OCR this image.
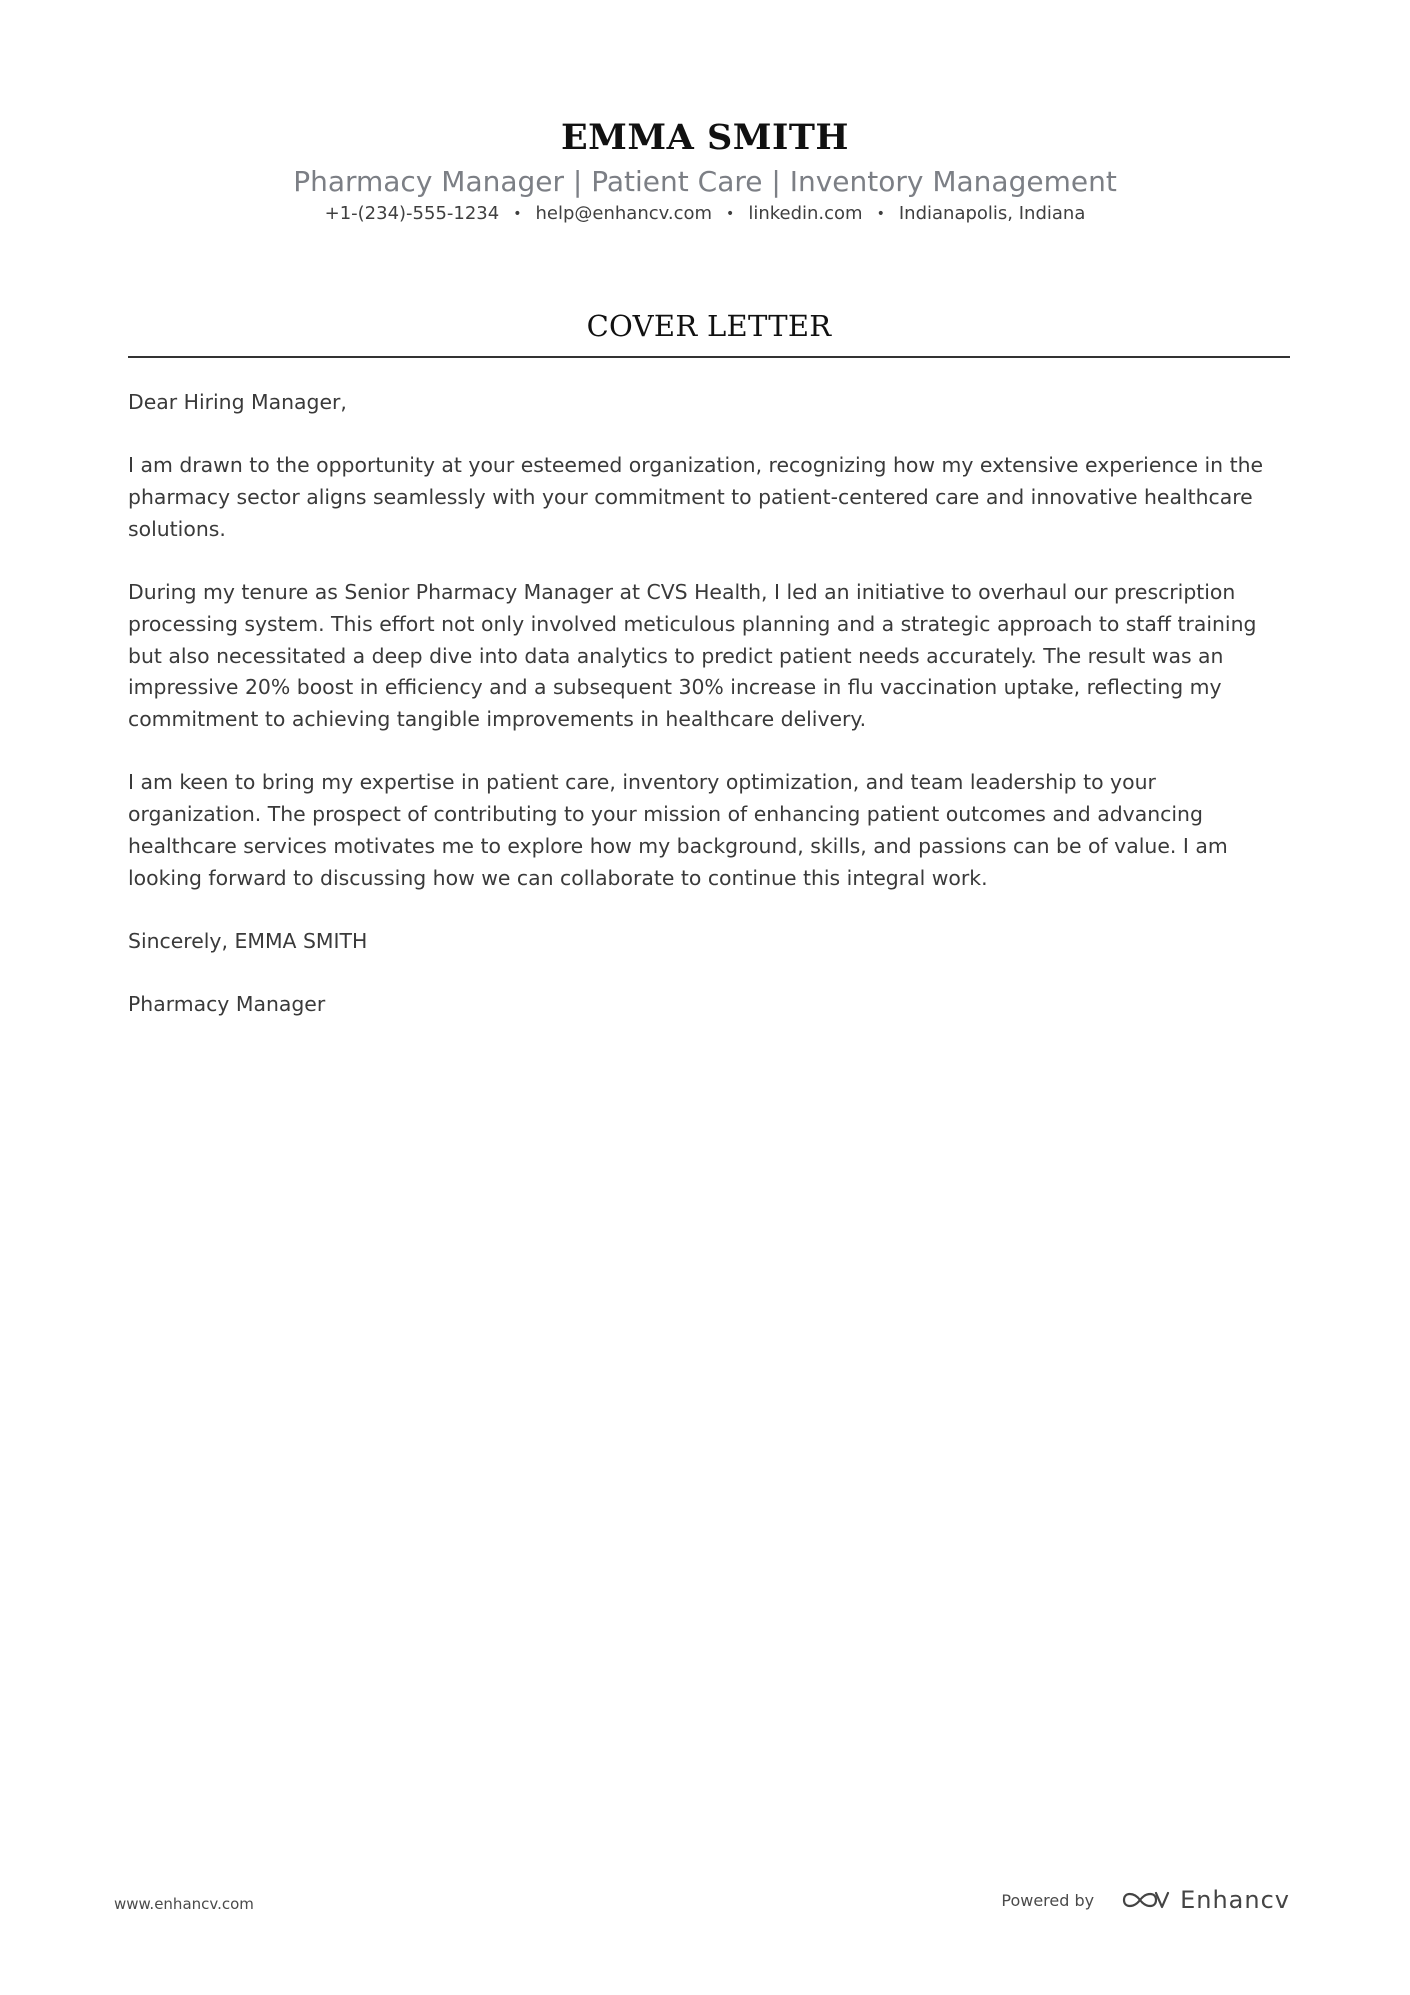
EMMA SMITH
Pharmacy Manager | Patient Care | Inventory Management
+1-(234)-555-1234 • help@enhancv.com • linkedin.com • Indianapolis, Indiana
COVER LETTER

Dear Hiring Manager,

I am drawn to the opportunity at your esteemed organization, recognizing how my extensive experience in the pharmacy sector aligns seamlessly with your commitment to patient-centered care and innovative healthcare solutions.

During my tenure as Senior Pharmacy Manager at CVS Health, I led an initiative to overhaul our prescription processing system. This effort not only involved meticulous planning and a strategic approach to staff training but also necessitated a deep dive into data analytics to predict patient needs accurately. The result was an impressive 20% boost in efficiency and a subsequent 30% increase in flu vaccination uptake, reflecting my commitment to achieving tangible improvements in healthcare delivery.

I am keen to bring my expertise in patient care, inventory optimization, and team leadership to your organization. The prospect of contributing to your mission of enhancing patient outcomes and advancing healthcare services motivates me to explore how my background, skills, and passions can be of value. I am looking forward to discussing how we can collaborate to continue this integral work.

Sincerely, EMMA SMITH

Pharmacy Manager

www.enhancv.com	Powered by	Enhancv
